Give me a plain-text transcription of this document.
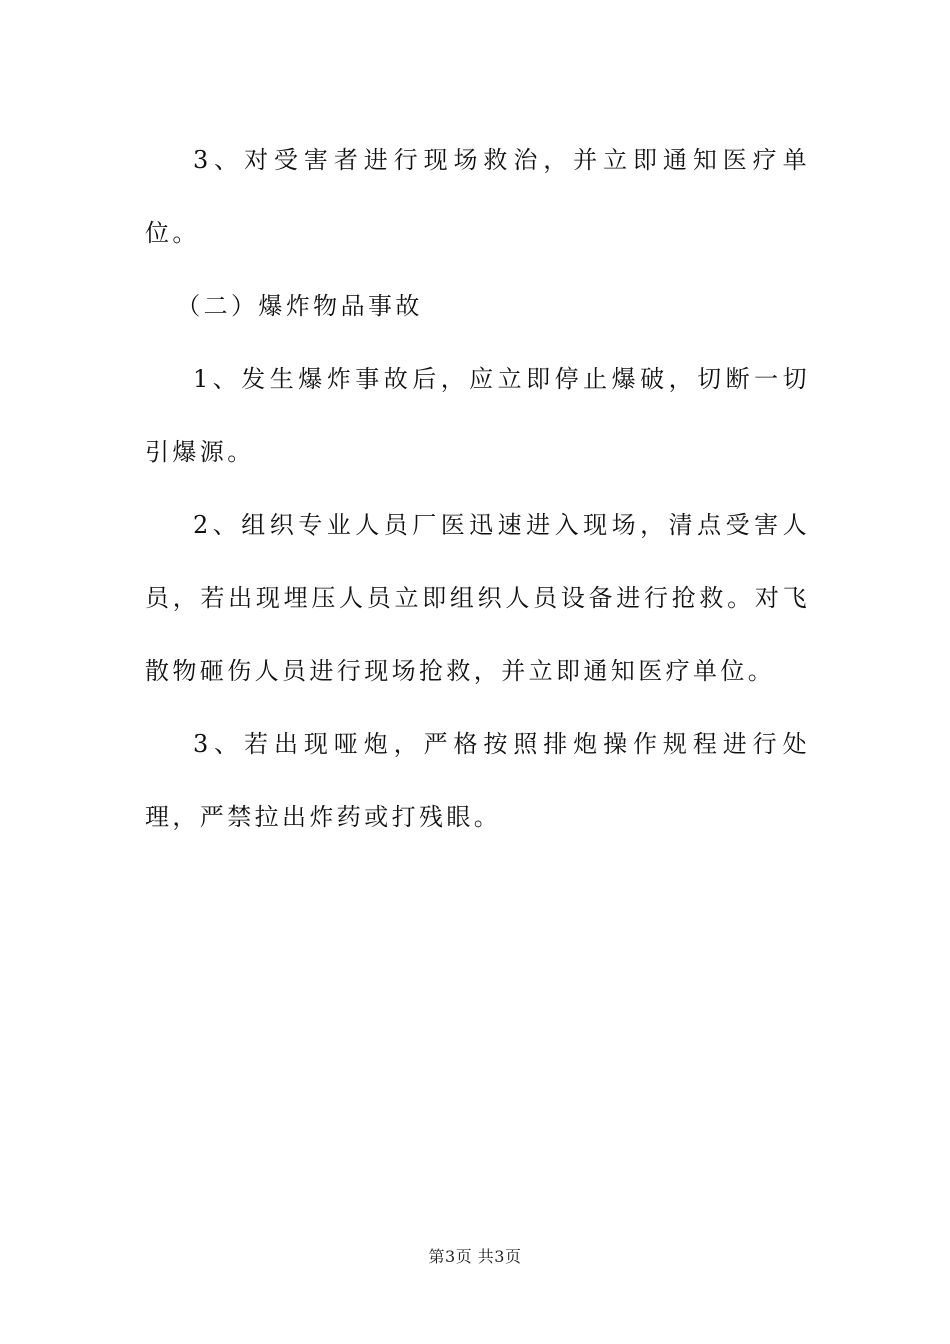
3、对受害者进行现场救治，并立即通知医疗单位。

（二）爆炸物品事故

1、发生爆炸事故后，应立即停止爆破，切断一切引爆源。

2、组织专业人员厂医迅速进入现场，清点受害人员，若出现埋压人员立即组织人员设备进行抢救。对飞散物砸伤人员进行现场抢救，并立即通知医疗单位。

3、若出现哑炮，严格按照排炮操作规程进行处理，严禁拉出炸药或打残眼。

第3页 共3页
